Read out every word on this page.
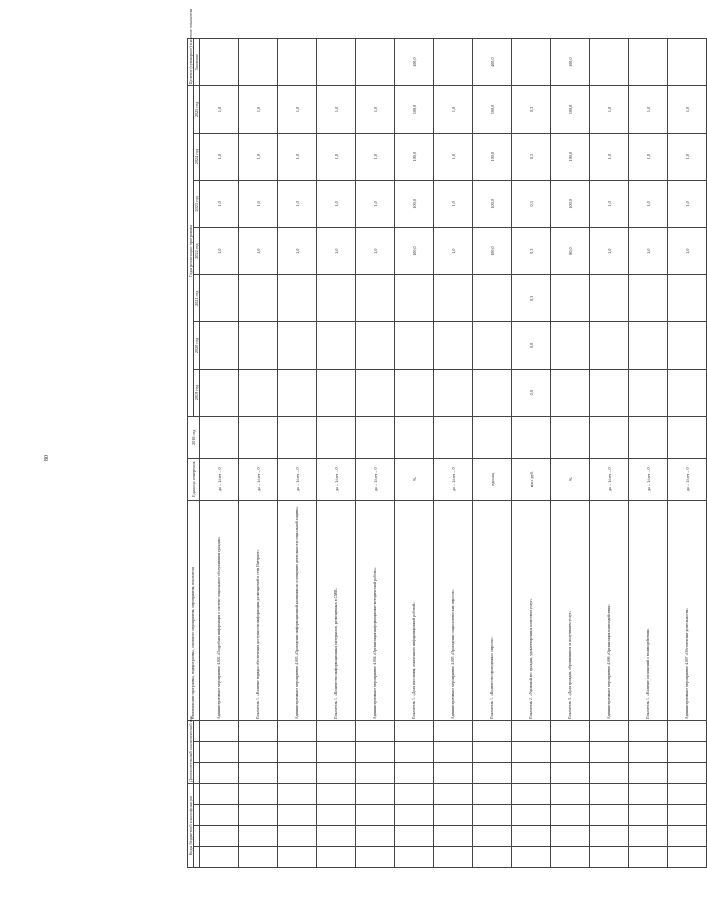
80
Коды бюджетной классификации				Дополнительный аналитический код			Наименование программы, подпрограммы, основного мероприятия, мероприятия, показателя	Единица измерения	2018 год	Годы реализации программы							Целевое (суммарное) значение показателя
										2019 год	2020 год	2021 год	2022 год	2023 год	2024 год	2025 год	Значение
							Административное мероприятие 4.002 «Подробная информация о системе социального обслуживания граждан»	да – 1/нет – 0					1,0	1,0	1,0	1,0	
							Показатель 1. «Наличие порядка обеспечения доступности информации, размещаемой в сети Интернет»	да – 1/нет – 0					1,0	1,0	1,0	1,0	
							Административное мероприятие 4.003 «Проведение информационной кампании по освещению деятельности социальной защиты»	да – 1/нет – 0					1,0	1,0	1,0	1,0	
							Показатель 1. «Количество информационных материалов, размещенных в СМИ»	да – 1/нет – 0					1,0	1,0	1,0	1,0	
							Административное мероприятие 4.004 «Организация информационно-методической работы»	да – 1/нет – 0					1,0	1,0	1,0	1,0	
							Показатель 1. «Доля населения, охваченного информационной работой»	%					100,0	100,0	100,0	100,0	100,0
							Административное мероприятие 4.005 «Проведение социологических опросов»	да – 1/нет – 0					1,0	1,0	1,0	1,0	
							Показатель 1. «Количество проведенных опросов»	единиц					100,0	100,0	100,0	100,0	400,0
							Показатель 2. «Удельный вес граждан, удовлетворенных качеством услуг»	млн. руб.		0,0	0,0	0,3	0,3	0,3	0,3	0,3	
							Показатель 3. «Доля граждан, обратившихся за получением услуг»	%					80,0	100,0	100,0	100,0	100,0
							Административное мероприятие 4.006 «Организация взаимодействия»	да – 1/нет – 0					1,0	1,0	1,0	1,0	
							Показатель 1. «Наличие соглашений о взаимодействии»	да – 1/нет – 0					1,0	1,0	1,0	1,0	
							Административное мероприятие 4.007 «Обеспечение деятельности»	да – 1/нет – 0					1,0	1,0	1,0	1,0	
